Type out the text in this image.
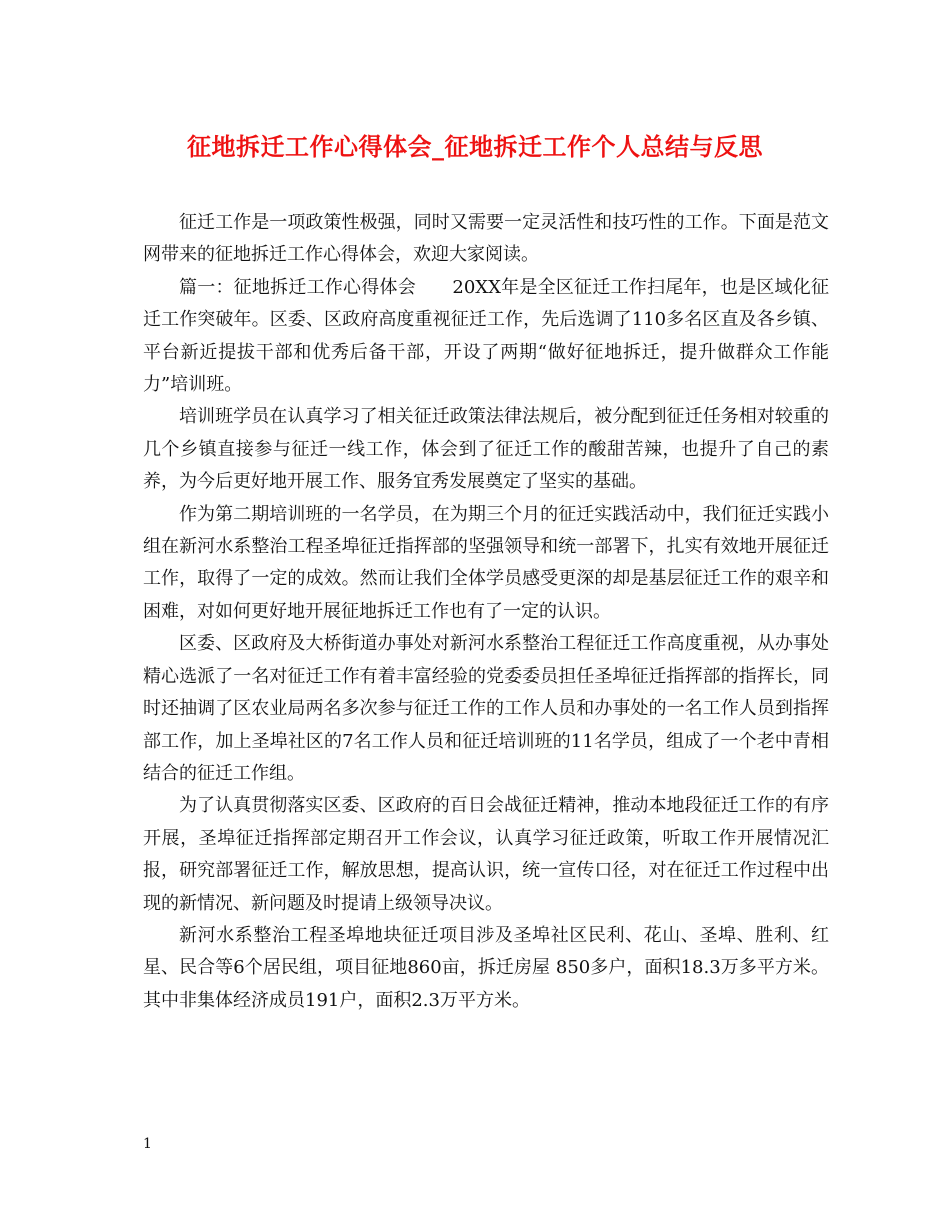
征地拆迁工作心得体会_征地拆迁工作个人总结与反思

征迁工作是一项政策性极强，同时又需要一定灵活性和技巧性的工作。下面是范文网带来的征地拆迁工作心得体会，欢迎大家阅读。

篇一：征地拆迁工作心得体会　　20XX年是全区征迁工作扫尾年，也是区域化征迁工作突破年。区委、区政府高度重视征迁工作，先后选调了110多名区直及各乡镇、平台新近提拔干部和优秀后备干部，开设了两期“做好征地拆迁，提升做群众工作能力”培训班。

培训班学员在认真学习了相关征迁政策法律法规后，被分配到征迁任务相对较重的几个乡镇直接参与征迁一线工作，体会到了征迁工作的酸甜苦辣，也提升了自己的素养，为今后更好地开展工作、服务宜秀发展奠定了坚实的基础。

作为第二期培训班的一名学员，在为期三个月的征迁实践活动中，我们征迁实践小组在新河水系整治工程圣埠征迁指挥部的坚强领导和统一部署下，扎实有效地开展征迁工作，取得了一定的成效。然而让我们全体学员感受更深的却是基层征迁工作的艰辛和困难，对如何更好地开展征地拆迁工作也有了一定的认识。

区委、区政府及大桥街道办事处对新河水系整治工程征迁工作高度重视，从办事处精心选派了一名对征迁工作有着丰富经验的党委委员担任圣埠征迁指挥部的指挥长，同时还抽调了区农业局两名多次参与征迁工作的工作人员和办事处的一名工作人员到指挥部工作，加上圣埠社区的7名工作人员和征迁培训班的11名学员，组成了一个老中青相结合的征迁工作组。

为了认真贯彻落实区委、区政府的百日会战征迁精神，推动本地段征迁工作的有序开展，圣埠征迁指挥部定期召开工作会议，认真学习征迁政策，听取工作开展情况汇报，研究部署征迁工作，解放思想，提高认识，统一宣传口径，对在征迁工作过程中出现的新情况、新问题及时提请上级领导决议。

新河水系整治工程圣埠地块征迁项目涉及圣埠社区民利、花山、圣埠、胜利、红星、民合等6个居民组，项目征地860亩，拆迁房屋 850多户，面积18.3万多平方米。其中非集体经济成员191户，面积2.3万平方米。

1
